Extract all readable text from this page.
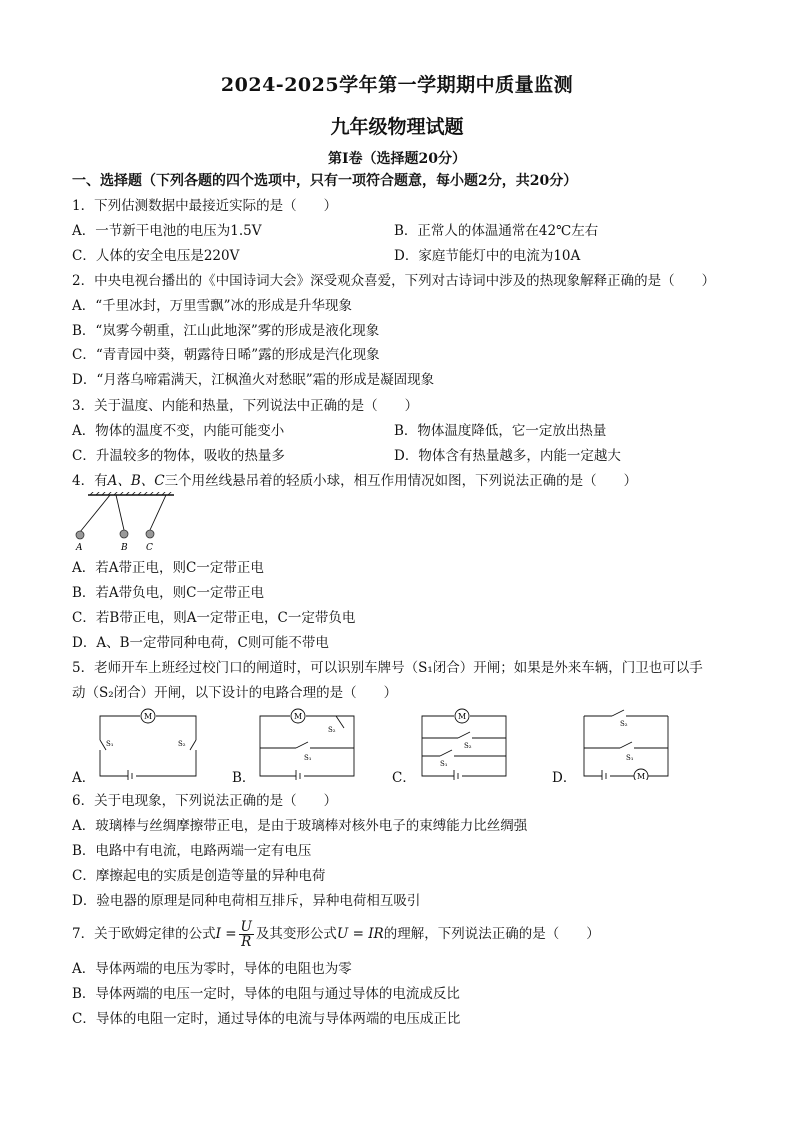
2024-2025学年第一学期期中质量监测
九年级物理试题
第Ⅰ卷（选择题20分）
一、选择题（下列各题的四个选项中，只有一项符合题意，每小题2分，共20分）
1．下列估测数据中最接近实际的是（　　）
A．一节新干电池的电压为1.5V	B．正常人的体温通常在42℃左右
C．人体的安全电压是220V	D．家庭节能灯中的电流为10A
2．中央电视台播出的《中国诗词大会》深受观众喜爱，下列对古诗词中涉及的热现象解释正确的是（　　）
A．“千里冰封，万里雪飘”冰的形成是升华现象
B．“岚雾今朝重，江山此地深”雾的形成是液化现象
C．“青青园中葵，朝露待日晞”露的形成是汽化现象
D．“月落乌啼霜满天，江枫渔火对愁眠”霜的形成是凝固现象
3．关于温度、内能和热量，下列说法中正确的是（　　）
A．物体的温度不变，内能可能变小	B．物体温度降低，它一定放出热量
C．升温较多的物体，吸收的热量多	D．物体含有热量越多，内能一定越大
4．有A、B、C三个用丝线悬吊着的轻质小球，相互作用情况如图，下列说法正确的是（　　）
A	B C
A．若A带正电，则C一定带正电
B．若A带负电，则C一定带正电
C．若B带正电，则A一定带正电，C一定带负电
D．A、B一定带同种电荷，C则可能不带电
5．老师开车上班经过校门口的闸道时，可以识别车牌号（S₁闭合）开闸；如果是外来车辆，门卫也可以手
动（S₂闭合）开闸，以下设计的电路合理的是（　　）
A．
M
S₁	S₂
B．
M
S₁
S₂
C．
M
S₂
S₁
D．	M
S₂
S₁
6．关于电现象，下列说法正确的是（　　）
A．玻璃棒与丝绸摩擦带正电，是由于玻璃棒对核外电子的束缚能力比丝绸强
B．电路中有电流，电路两端一定有电压
C．摩擦起电的实质是创造等量的异种电荷
D．验电器的原理是同种电荷相互排斥，异种电荷相互吸引
7．关于欧姆定律的公式$I = \frac{U}{R}$ 及其变形公式U = IR的理解，下列说法正确的是（　　）
A．导体两端的电压为零时，导体的电阻也为零
B．导体两端的电压一定时，导体的电阻与通过导体的电流成反比
C．导体的电阻一定时，通过导体的电流与导体两端的电压成正比
